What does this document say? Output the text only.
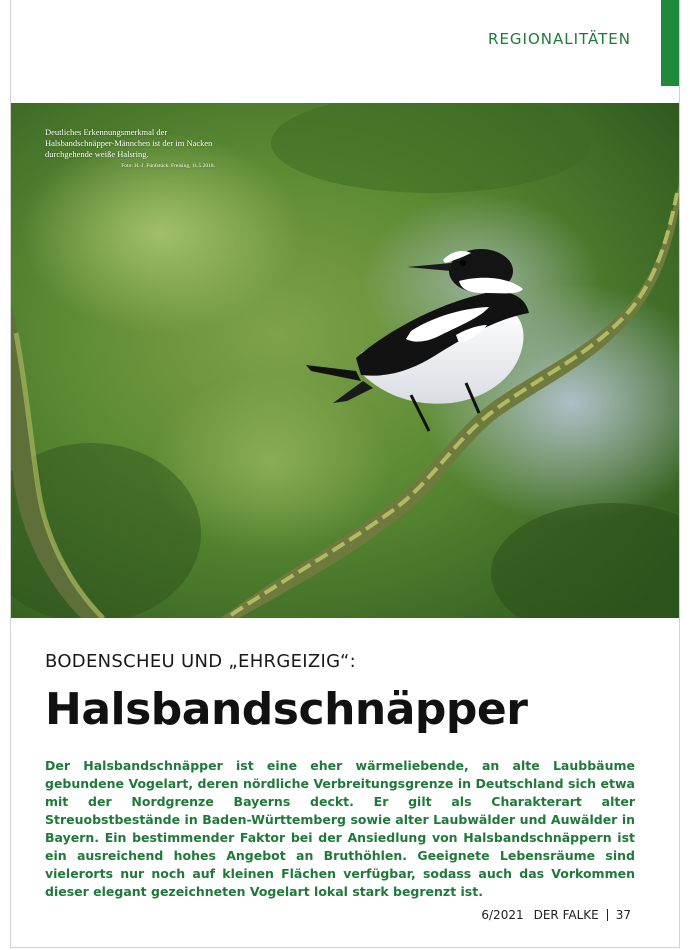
REGIONALITÄTEN
Deutliches Erkennungsmerkmal der Halsbandschnäpper-Männchen ist der im Nacken durchgehende weiße Halsring.
Foto: H.-J. Fünfstück. Freising, 11.5.2018.
BODENSCHEU UND „EHRGEIZIG“:
Halsbandschnäpper
Der Halsbandschnäpper ist eine eher wärmeliebende, an alte Laubbäume gebundene Vogelart, deren nördliche Verbreitungsgrenze in Deutschland sich etwa mit der Nordgrenze Bayerns deckt. Er gilt als Charakterart alter Streuobstbestände in Baden-Württemberg sowie alter Laubwälder und Auwälder in Bayern. Ein bestimmender Faktor bei der Ansiedlung von Halsbandschnäppern ist ein ausreichend hohes Angebot an Bruthöhlen. Geeignete Lebensräume sind vielerorts nur noch auf kleinen Flächen verfügbar, sodass auch das Vorkommen dieser elegant gezeichneten Vogelart lokal stark begrenzt ist.
6/2021 DER FALKE 37
